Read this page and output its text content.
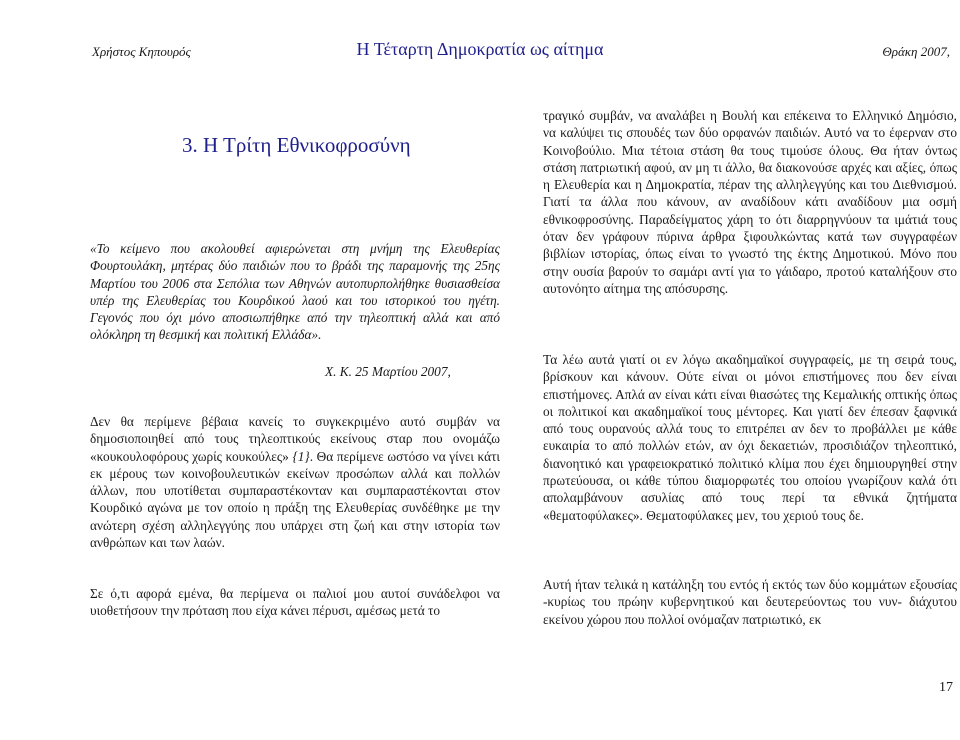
Χρήστος Κηπουρός	Η Τέταρτη Δημοκρατία ως αίτημα	Θράκη 2007,
3. Η Τρίτη Εθνικοφροσύνη
«Το κείμενο που ακολουθεί αφιερώνεται στη μνήμη της Ελευθερίας Φουρτουλάκη, μητέρας δύο παιδιών που το βράδι της παραμονής της 25ης Μαρτίου του 2006 στα Σεπόλια των Αθηνών αυτοπυρπολήθηκε θυσιασθείσα υπέρ της Ελευθερίας του Κουρδικού λαού και του ιστορικού του ηγέτη. Γεγονός που όχι μόνο αποσιωπήθηκε από την τηλεοπτική αλλά και από ολόκληρη τη θεσμική και πολιτική Ελλάδα».
Χ. Κ. 25 Μαρτίου 2007,
Δεν θα περίμενε βέβαια κανείς το συγκεκριμένο αυτό συμβάν να δημοσιοποιηθεί από τους τηλεοπτικούς εκείνους σταρ που ονομάζω «κουκουλοφόρους χωρίς κουκούλες» {1}. Θα περίμενε ωστόσο να γίνει κάτι εκ μέρους των κοινοβουλευτικών εκείνων προσώπων αλλά και πολλών άλλων, που υποτίθεται συμπαραστέκονταν και συμπαραστέκονται στον Κουρδικό αγώνα με τον οποίο η πράξη της Ελευθερίας συνδέθηκε με την ανώτερη σχέση αλληλεγγύης που υπάρχει στη ζωή και στην ιστορία των ανθρώπων και των λαών.
Σε ό,τι αφορά εμένα, θα περίμενα οι παλιοί μου αυτοί συνάδελφοι να υιοθετήσουν την πρόταση που είχα κάνει πέρυσι, αμέσως μετά το
τραγικό συμβάν, να αναλάβει η Βουλή και επέκεινα το Ελληνικό Δημόσιο, να καλύψει τις σπουδές των δύο ορφανών παιδιών. Αυτό να το έφερναν στο Κοινοβούλιο. Μια τέτοια στάση θα τους τιμούσε όλους. Θα ήταν όντως στάση πατριωτική αφού, αν μη τι άλλο, θα διακονούσε αρχές και αξίες, όπως η Ελευθερία και η Δημοκρατία, πέραν της αλληλεγγύης και του Διεθνισμού. Γιατί τα άλλα που κάνουν, αν αναδίδουν κάτι αναδίδουν μια οσμή εθνικοφροσύνης. Παραδείγματος χάρη το ότι διαρρηγνύουν τα ιμάτιά τους όταν δεν γράφουν πύρινα άρθρα ξιφουλκώντας κατά των συγγραφέων βιβλίων ιστορίας, όπως είναι το γνωστό της έκτης Δημοτικού. Μόνο που στην ουσία βαρούν το σαμάρι αντί για το γάιδαρο, προτού καταλήξουν στο αυτονόητο αίτημα της απόσυρσης.
Τα λέω αυτά γιατί οι εν λόγω ακαδημαϊκοί συγγραφείς, με τη σειρά τους, βρίσκουν και κάνουν. Ούτε είναι οι μόνοι επιστήμονες που δεν είναι επιστήμονες. Απλά αν είναι κάτι είναι θιασώτες της Κεμαλικής οπτικής όπως οι πολιτικοί και ακαδημαϊκοί τους μέντορες. Και γιατί δεν έπεσαν ξαφνικά από τους ουρανούς αλλά τους το επιτρέπει αν δεν το προβάλλει με κάθε ευκαιρία το από πολλών ετών, αν όχι δεκαετιών, προσιδιάζον τηλεοπτικό, διανοητικό και γραφειοκρατικό πολιτικό κλίμα που έχει δημιουργηθεί στην πρωτεύουσα, οι κάθε τύπου διαμορφωτές του οποίου γνωρίζουν καλά ότι απολαμβάνουν ασυλίας από τους περί τα εθνικά ζητήματα «θεματοφύλακες». Θεματοφύλακες μεν, του χεριού τους δε.
Αυτή ήταν τελικά η κατάληξη του εντός ή εκτός των δύο κομμάτων εξουσίας -κυρίως του πρώην κυβερνητικού και δευτερεύοντως του νυν- διάχυτου εκείνου χώρου που πολλοί ονόμαζαν πατριωτικό, εκ
17
